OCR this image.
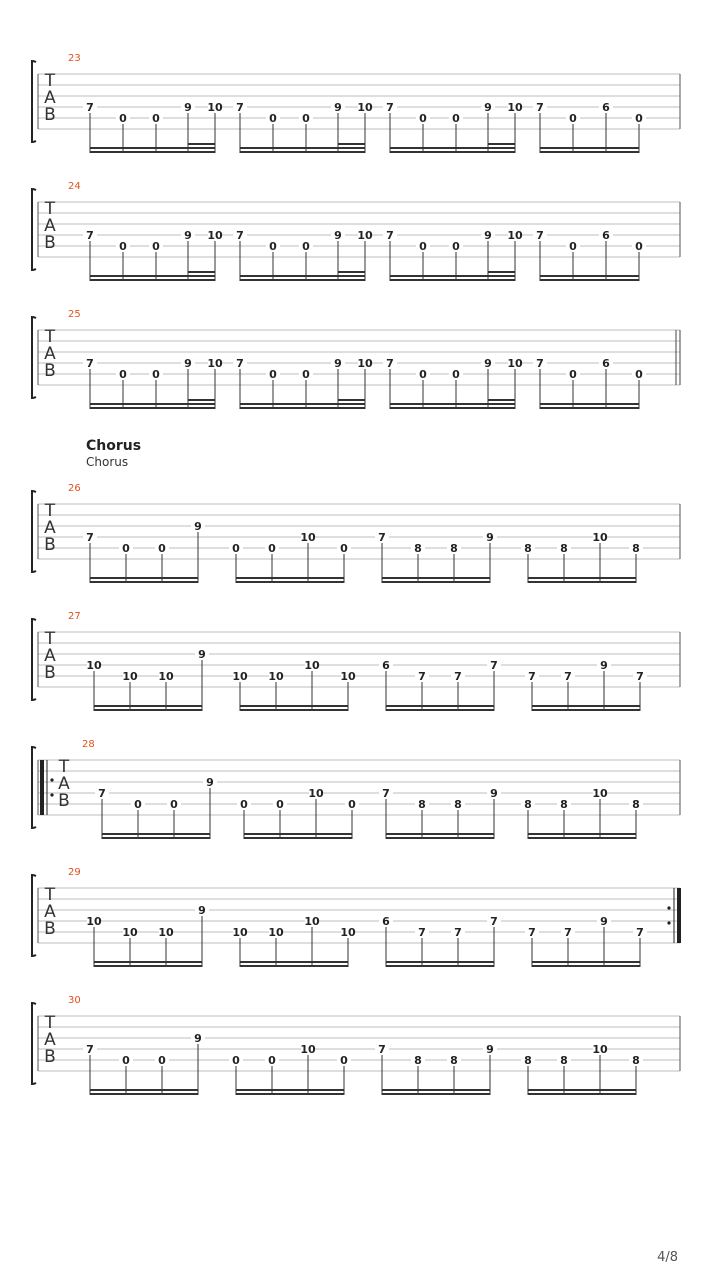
23
T
A
B	7
0 0
9 10 7
0 0
9 10 7
0 0
9 10 7
0
6
0
24
T
A
B	7
0 0
9 10 7
0 0
9 10 7
0 0
9 10 7
0
6
0
25
T
A
B	7
0 0
9 10 7
0 0
9 10 7
0 0
9 10 7
0
6
0
26
T
A
B	7
0	0
9
0	0
10
0
7
8	8
9
8	8
10
8
27
T
A
B	10
10 10
9
10 10
10
10
6
7	7
7
7	7
9
7
28
T
A
B	7
0	0
9
0	0
10
0
7
8	8
9
8	8
10
8
29
T
A
B	10
10 10
9
10 10
10
10
6
7	7
7
7	7
9
7
30
T
A
B	7
0	0
9
0	0
10
0
7
8	8
9
8	8
10
8
Chorus
Chorus
4/8
